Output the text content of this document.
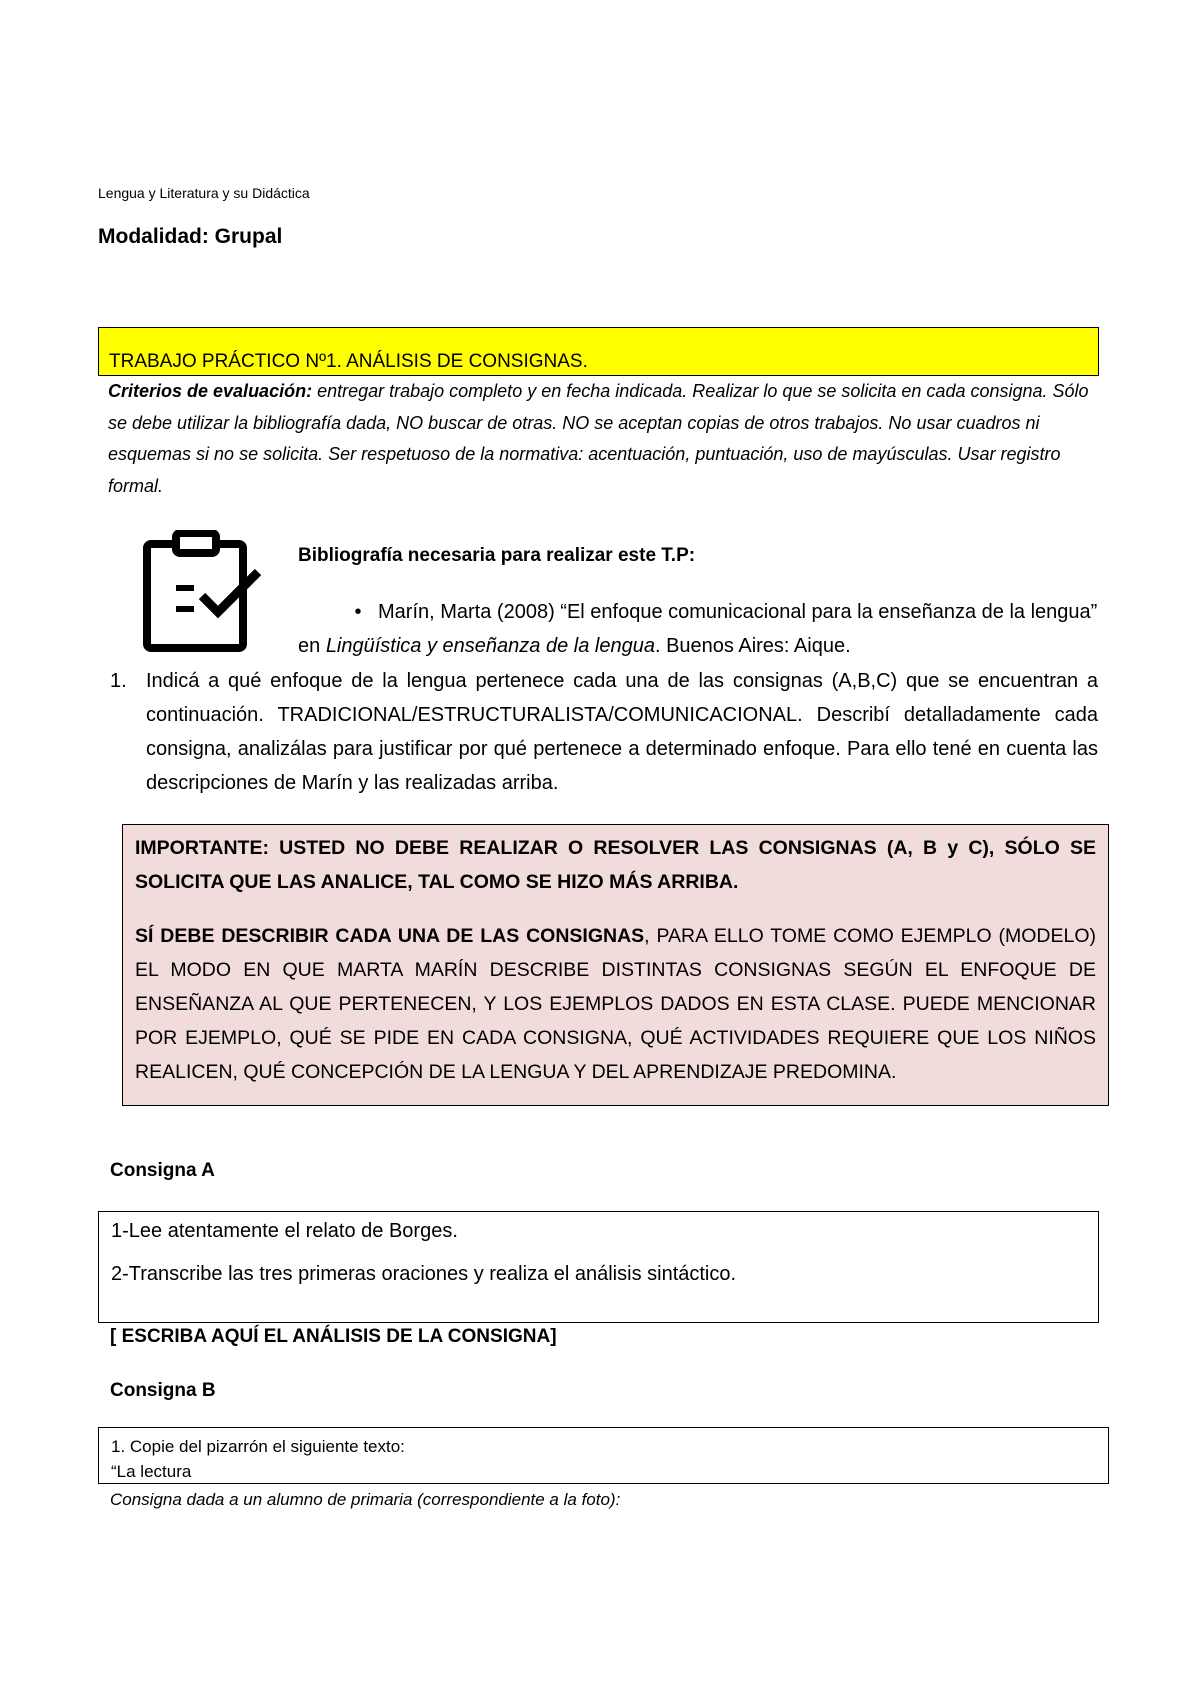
Lengua y Literatura y su Didáctica
Modalidad: Grupal
TRABAJO PRÁCTICO Nº1. ANÁLISIS DE CONSIGNAS.
Criterios de evaluación: entregar trabajo completo y en fecha indicada. Realizar lo que se solicita en cada consigna. Sólo se debe utilizar la bibliografía dada, NO buscar de otras. NO se aceptan copias de otros trabajos. No usar cuadros ni esquemas si no se solicita. Ser respetuoso de la normativa: acentuación, puntuación, uso de mayúsculas. Usar registro formal.
Bibliografía necesaria para realizar este T.P:
• Marín, Marta (2008) “El enfoque comunicacional para la enseñanza de la lengua” en Lingüística y enseñanza de la lengua. Buenos Aires: Aique.
1. Indicá a qué enfoque de la lengua pertenece cada una de las consignas (A,B,C) que se encuentran a continuación. TRADICIONAL/ESTRUCTURALISTA/COMUNICACIONAL. Describí detalladamente cada consigna, analizálas para justificar por qué pertenece a determinado enfoque. Para ello tené en cuenta las descripciones de Marín y las realizadas arriba.

IMPORTANTE: USTED NO DEBE REALIZAR O RESOLVER LAS CONSIGNAS (A, B y C), SÓLO SE SOLICITA QUE LAS ANALICE, TAL COMO SE HIZO MÁS ARRIBA.

SÍ DEBE DESCRIBIR CADA UNA DE LAS CONSIGNAS, PARA ELLO TOME COMO EJEMPLO (MODELO) EL MODO EN QUE MARTA MARÍN DESCRIBE DISTINTAS CONSIGNAS SEGÚN EL ENFOQUE DE ENSEÑANZA AL QUE PERTENECEN, Y LOS EJEMPLOS DADOS EN ESTA CLASE. PUEDE MENCIONAR POR EJEMPLO, QUÉ SE PIDE EN CADA CONSIGNA, QUÉ ACTIVIDADES REQUIERE QUE LOS NIÑOS REALICEN, QUÉ CONCEPCIÓN DE LA LENGUA Y DEL APRENDIZAJE PREDOMINA.

Consigna A

1-Lee atentamente el relato de Borges.

2-Transcribe las tres primeras oraciones y realiza el análisis sintáctico.

[ ESCRIBA AQUÍ EL ANÁLISIS DE LA CONSIGNA]
Consigna B
1. Copie del pizarrón el siguiente texto:
“La lectura
Consigna dada a un alumno de primaria (correspondiente a la foto):
